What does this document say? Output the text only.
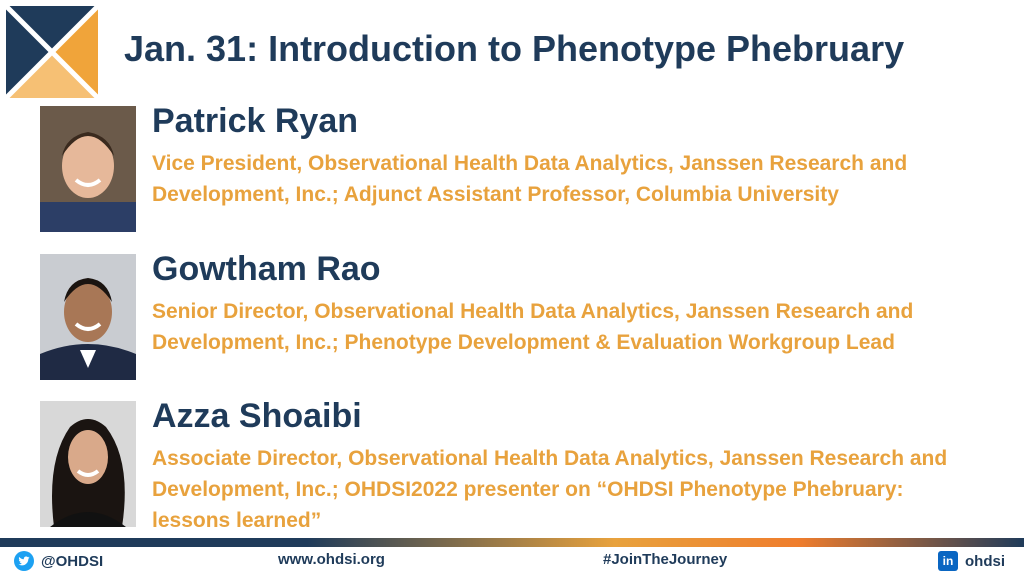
Jan. 31: Introduction to Phenotype Phebruary
Patrick Ryan
Vice President, Observational Health Data Analytics, Janssen Research and Development, Inc.; Adjunct Assistant Professor, Columbia University
Gowtham Rao
Senior Director, Observational Health Data Analytics, Janssen Research and Development, Inc.; Phenotype Development & Evaluation Workgroup Lead
Azza Shoaibi
Associate Director, Observational Health Data Analytics, Janssen Research and Development, Inc.; OHDSI2022 presenter on “OHDSI Phenotype Phebruary: lessons learned”
@OHDSI	www.ohdsi.org	#JoinTheJourney	in ohdsi
